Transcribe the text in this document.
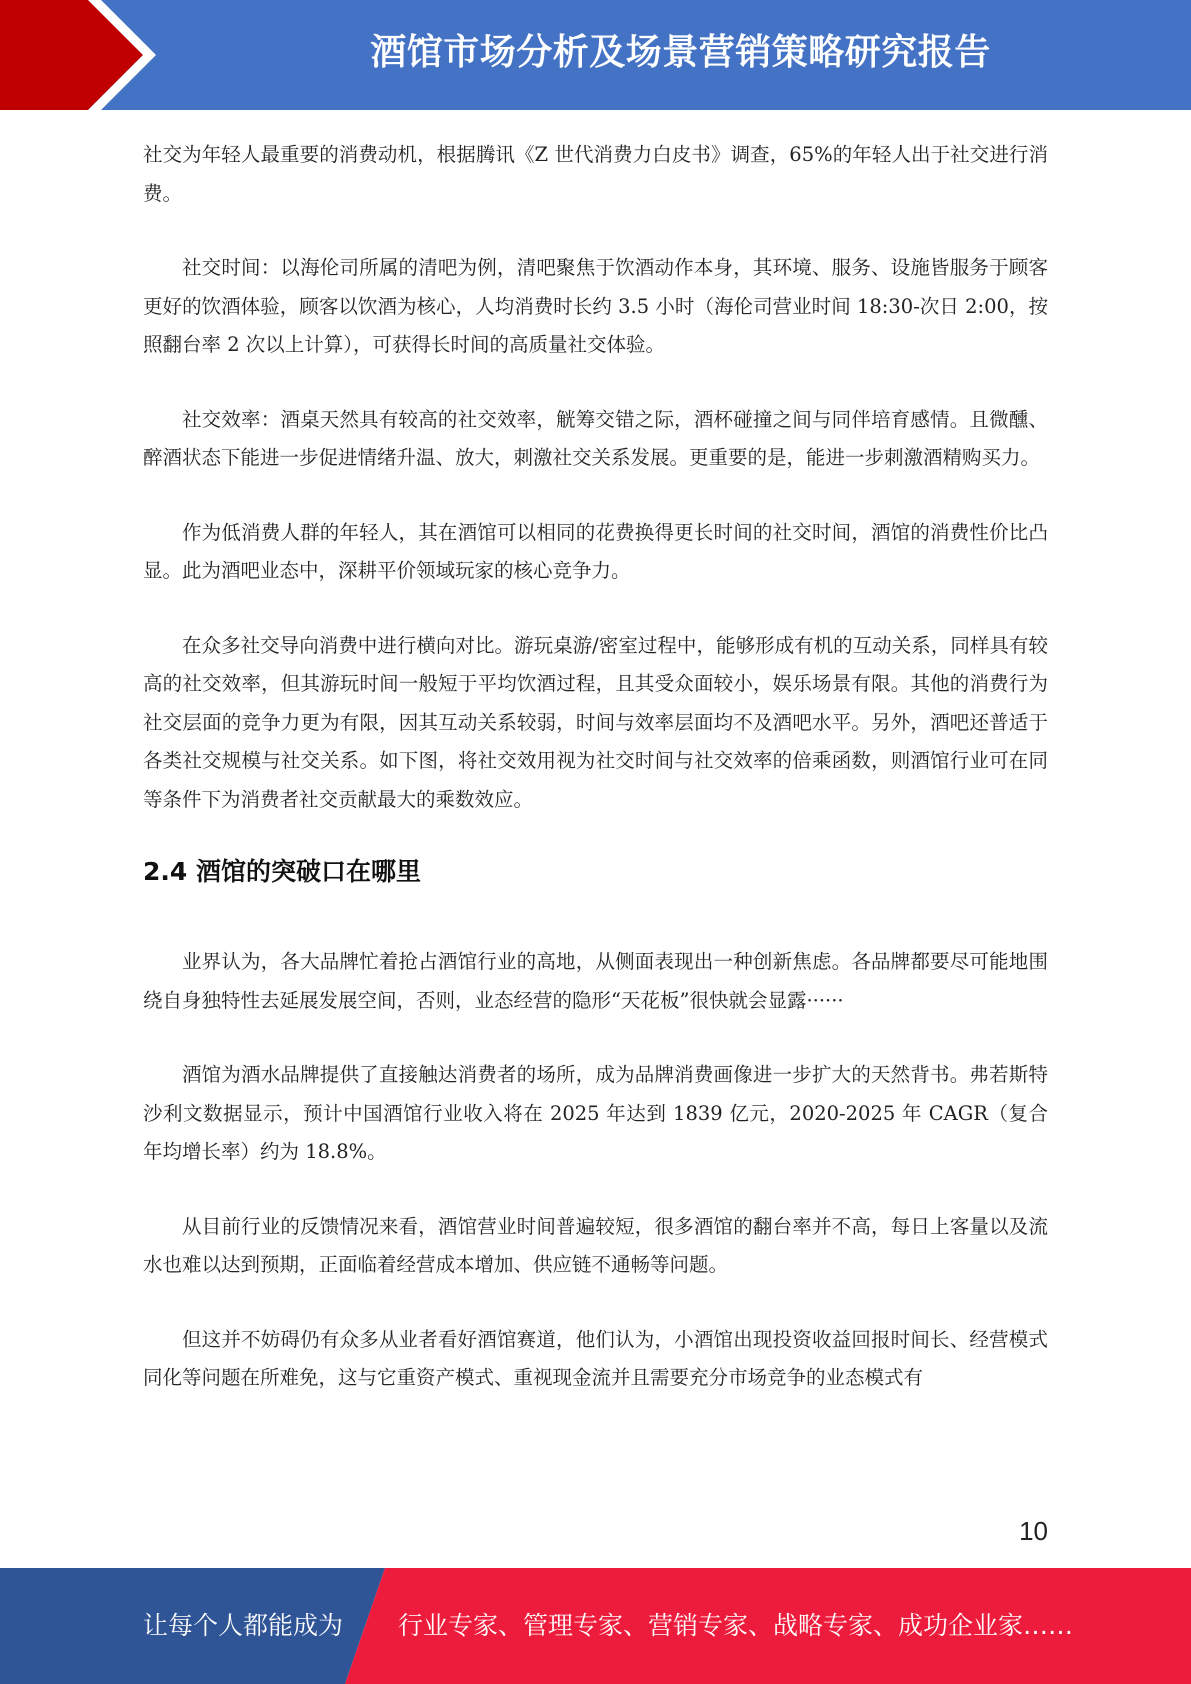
酒馆市场分析及场景营销策略研究报告

社交为年轻人最重要的消费动机，根据腾讯《Z 世代消费力白皮书》调查，65%的年轻人出于社交进行消费。

社交时间：以海伦司所属的清吧为例，清吧聚焦于饮酒动作本身，其环境、服务、设施皆服务于顾客更好的饮酒体验，顾客以饮酒为核心，人均消费时长约 3.5 小时（海伦司营业时间 18:30-次日 2:00，按照翻台率 2 次以上计算），可获得长时间的高质量社交体验。

社交效率：酒桌天然具有较高的社交效率，觥筹交错之际，酒杯碰撞之间与同伴培育感情。且微醺、醉酒状态下能进一步促进情绪升温、放大，刺激社交关系发展。更重要的是，能进一步刺激酒精购买力。

作为低消费人群的年轻人，其在酒馆可以相同的花费换得更长时间的社交时间，酒馆的消费性价比凸显。此为酒吧业态中，深耕平价领域玩家的核心竞争力。

在众多社交导向消费中进行横向对比。游玩桌游/密室过程中，能够形成有机的互动关系，同样具有较高的社交效率，但其游玩时间一般短于平均饮酒过程，且其受众面较小，娱乐场景有限。其他的消费行为社交层面的竞争力更为有限，因其互动关系较弱，时间与效率层面均不及酒吧水平。另外，酒吧还普适于各类社交规模与社交关系。如下图，将社交效用视为社交时间与社交效率的倍乘函数，则酒馆行业可在同等条件下为消费者社交贡献最大的乘数效应。

2.4 酒馆的突破口在哪里

业界认为，各大品牌忙着抢占酒馆行业的高地，从侧面表现出一种创新焦虑。各品牌都要尽可能地围绕自身独特性去延展发展空间，否则，业态经营的隐形“天花板”很快就会显露······

酒馆为酒水品牌提供了直接触达消费者的场所，成为品牌消费画像进一步扩大的天然背书。弗若斯特沙利文数据显示，预计中国酒馆行业收入将在 2025 年达到 1839 亿元，2020-2025 年 CAGR（复合年均增长率）约为 18.8%。

从目前行业的反馈情况来看，酒馆营业时间普遍较短，很多酒馆的翻台率并不高，每日上客量以及流水也难以达到预期，正面临着经营成本增加、供应链不通畅等问题。

但这并不妨碍仍有众多从业者看好酒馆赛道，他们认为，小酒馆出现投资收益回报时间长、经营模式同化等问题在所难免，这与它重资产模式、重视现金流并且需要充分市场竞争的业态模式有

10
让每个人都能成为 行业专家、管理专家、营销专家、战略专家、成功企业家……
